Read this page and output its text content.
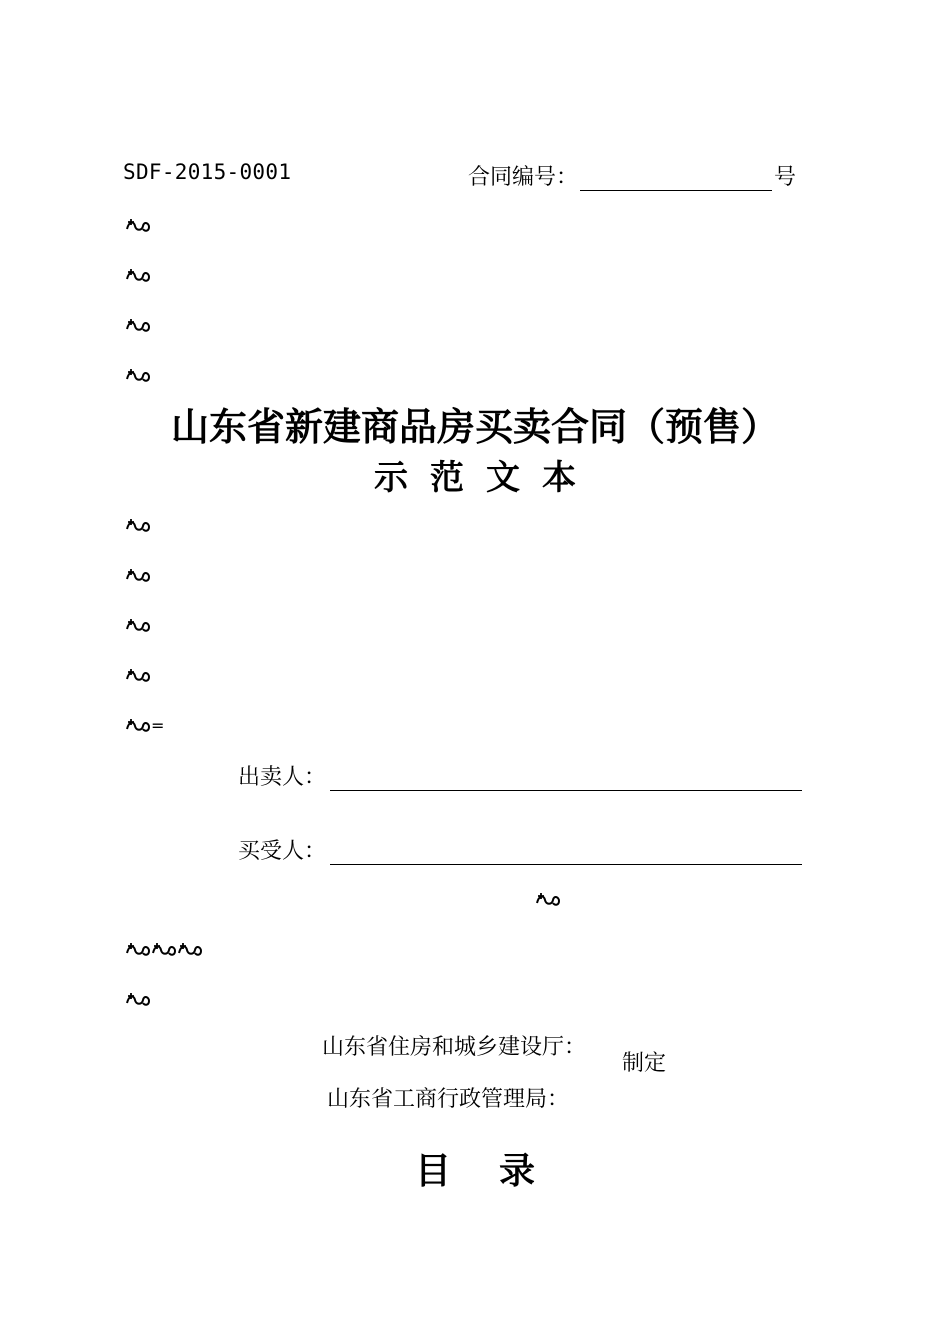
SDF-2015-0001	合同编号：	号
山东省新建商品房买卖合同（预售）
示范文本
=
出卖人：
买受人：
山东省住房和城乡建设厅：
制定
山东省工商行政管理局：
目录
